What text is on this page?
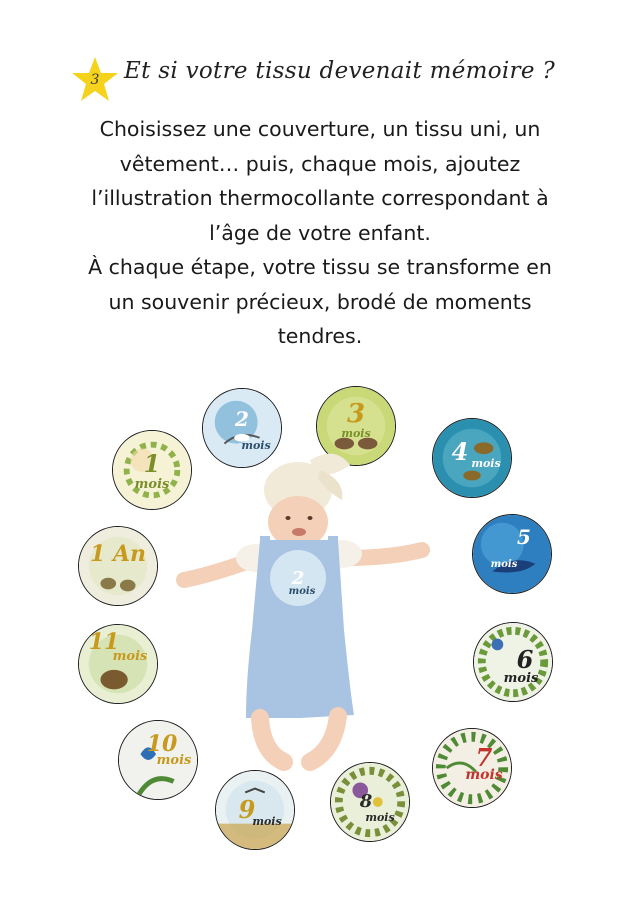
3	Et si votre tissu devenait mémoire ?

Choisissez une couverture, un tissu uni, un

vêtement… puis, chaque mois, ajoutez

l’illustration thermocollante correspondant à

l’âge de votre enfant.

À chaque étape, votre tissu se transforme en

un souvenir précieux, brodé de moments

tendres.

1
mois
2
mois
3
mois
4 mois
5
mois
6
mois
7
mois
8
mois
9
mois
10
mois
11
mois
1 An
2
mois
